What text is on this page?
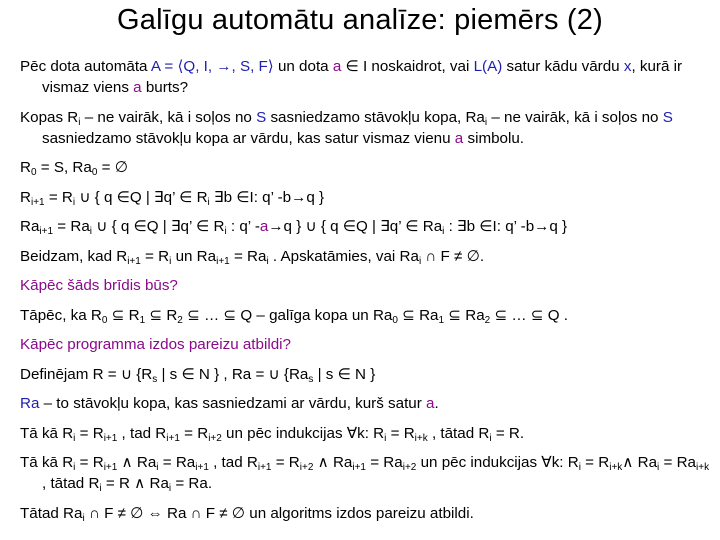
Galīgu automātu analīze: piemērs (2)
Pēc dota automāta A = ⟨Q, I, →, S, F⟩ un dota a ∈ I noskaidrot, vai L(A) satur kādu vārdu x, kurā ir vismaz viens a burts?
Kopas $R_i$ – ne vairāk, kā i soļos no S sasniedzamo stāvokļu kopa, $Ra_i$ – ne vairāk, kā i soļos no S sasniedzamo stāvokļu kopa ar vārdu, kas satur vismaz vienu a simbolu.
$R_0 = S$, $Ra_0$ = ∅
$R_{i+1} = R_i$ ∪ { q ∈Q | ∃q’ ∈ $R_i$ ∃b ∈I: q’ -b→q }
$Ra_{i+1} = Ra_i$ ∪ { q ∈Q | ∃q’ ∈ $R_i$ : q’ -a→q } ∪ { q ∈Q | ∃q’ ∈ $Ra_i$ : ∃b ∈I: q’ -b→q }
Beidzam, kad $R_{i+1} = R_i$ un $Ra_{i+1} = Ra_i$ . Apskatāmies, vai $Ra_i$ ∩ F ≠ ∅.
Kāpēc šāds brīdis būs?
Tāpēc, ka $R_0$ ⊆ $R_1$ ⊆ $R_2$ ⊆ … ⊆ Q – galīga kopa un $Ra_0$ ⊆ $Ra_1$ ⊆ $Ra_2$ ⊆ … ⊆ Q .
Kāpēc programma izdos pareizu atbildi?
Definējam R = ∪ {$R_s$ | s ∈ N } , Ra = ∪ {$Ra_s$ | s ∈ N }
Ra – to stāvokļu kopa, kas sasniedzami ar vārdu, kurš satur a.
Tā kā $R_i = R_{i+1}$ , tad $R_{i+1} = R_{i+2}$ un pēc indukcijas ∀k: $R_i = R_{i+k}$ , tātad $R_i = R$.
Tā kā $R_i = R_{i+1}$ ∧ $Ra_i = Ra_{i+1}$ , tad $R_{i+1} = R_{i+2}$ ∧ $Ra_{i+1} = Ra_{i+2}$ un pēc indukcijas ∀k: $R_i$ = $R_{i+k}\wedge$ $Ra_i = Ra_{i+k}$ , tātad $R_i = R$ ∧ $Ra_i = Ra$.
Tātad $Ra_i$ ∩ F ≠ ∅ ⇔ Ra ∩ F ≠ ∅ un algoritms izdos pareizu atbildi.
